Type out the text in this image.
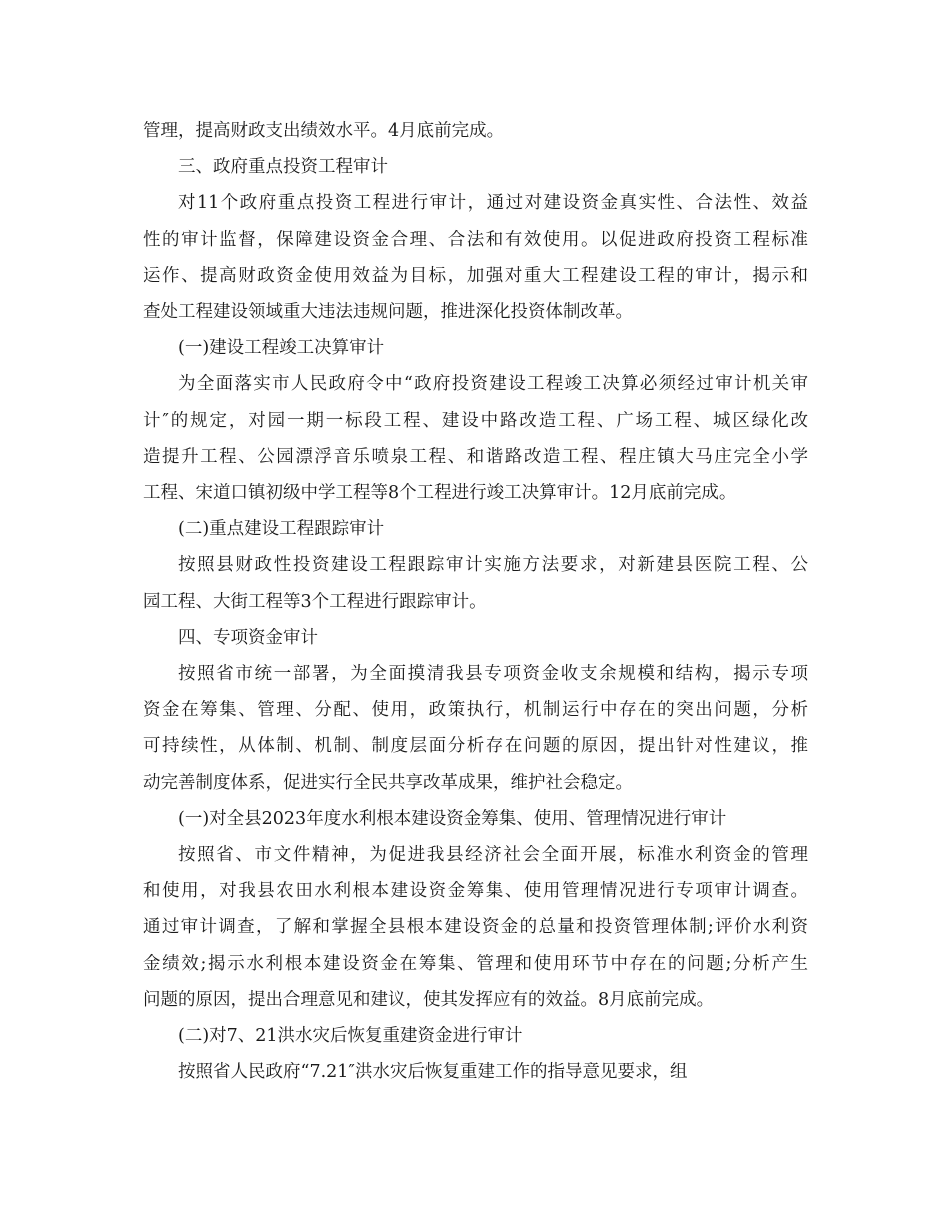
管理，提高财政支出绩效水平。4月底前完成。
三、政府重点投资工程审计
对11个政府重点投资工程进行审计，通过对建设资金真实性、合法性、效益
性的审计监督，保障建设资金合理、合法和有效使用。以促进政府投资工程标准
运作、提高财政资金使用效益为目标，加强对重大工程建设工程的审计，揭示和
查处工程建设领域重大违法违规问题，推进深化投资体制改革。
(一)建设工程竣工决算审计
为全面落实市人民政府令中“政府投资建设工程竣工决算必须经过审计机关审
计″的规定，对园一期一标段工程、建设中路改造工程、广场工程、城区绿化改
造提升工程、公园漂浮音乐喷泉工程、和谐路改造工程、程庄镇大马庄完全小学
工程、宋道口镇初级中学工程等8个工程进行竣工决算审计。12月底前完成。
(二)重点建设工程跟踪审计
按照县财政性投资建设工程跟踪审计实施方法要求，对新建县医院工程、公
园工程、大街工程等3个工程进行跟踪审计。
四、专项资金审计
按照省市统一部署，为全面摸清我县专项资金收支余规模和结构，揭示专项
资金在筹集、管理、分配、使用，政策执行，机制运行中存在的突出问题，分析
可持续性，从体制、机制、制度层面分析存在问题的原因，提出针对性建议，推
动完善制度体系，促进实行全民共享改革成果，维护社会稳定。
(一)对全县2023年度水利根本建设资金筹集、使用、管理情况进行审计
按照省、市文件精神，为促进我县经济社会全面开展，标准水利资金的管理
和使用，对我县农田水利根本建设资金筹集、使用管理情况进行专项审计调查。
通过审计调查，了解和掌握全县根本建设资金的总量和投资管理体制;评价水利资
金绩效;揭示水利根本建设资金在筹集、管理和使用环节中存在的问题;分析产生
问题的原因，提出合理意见和建议，使其发挥应有的效益。8月底前完成。
(二)对7、21洪水灾后恢复重建资金进行审计
按照省人民政府“7.21″洪水灾后恢复重建工作的指导意见要求，组
